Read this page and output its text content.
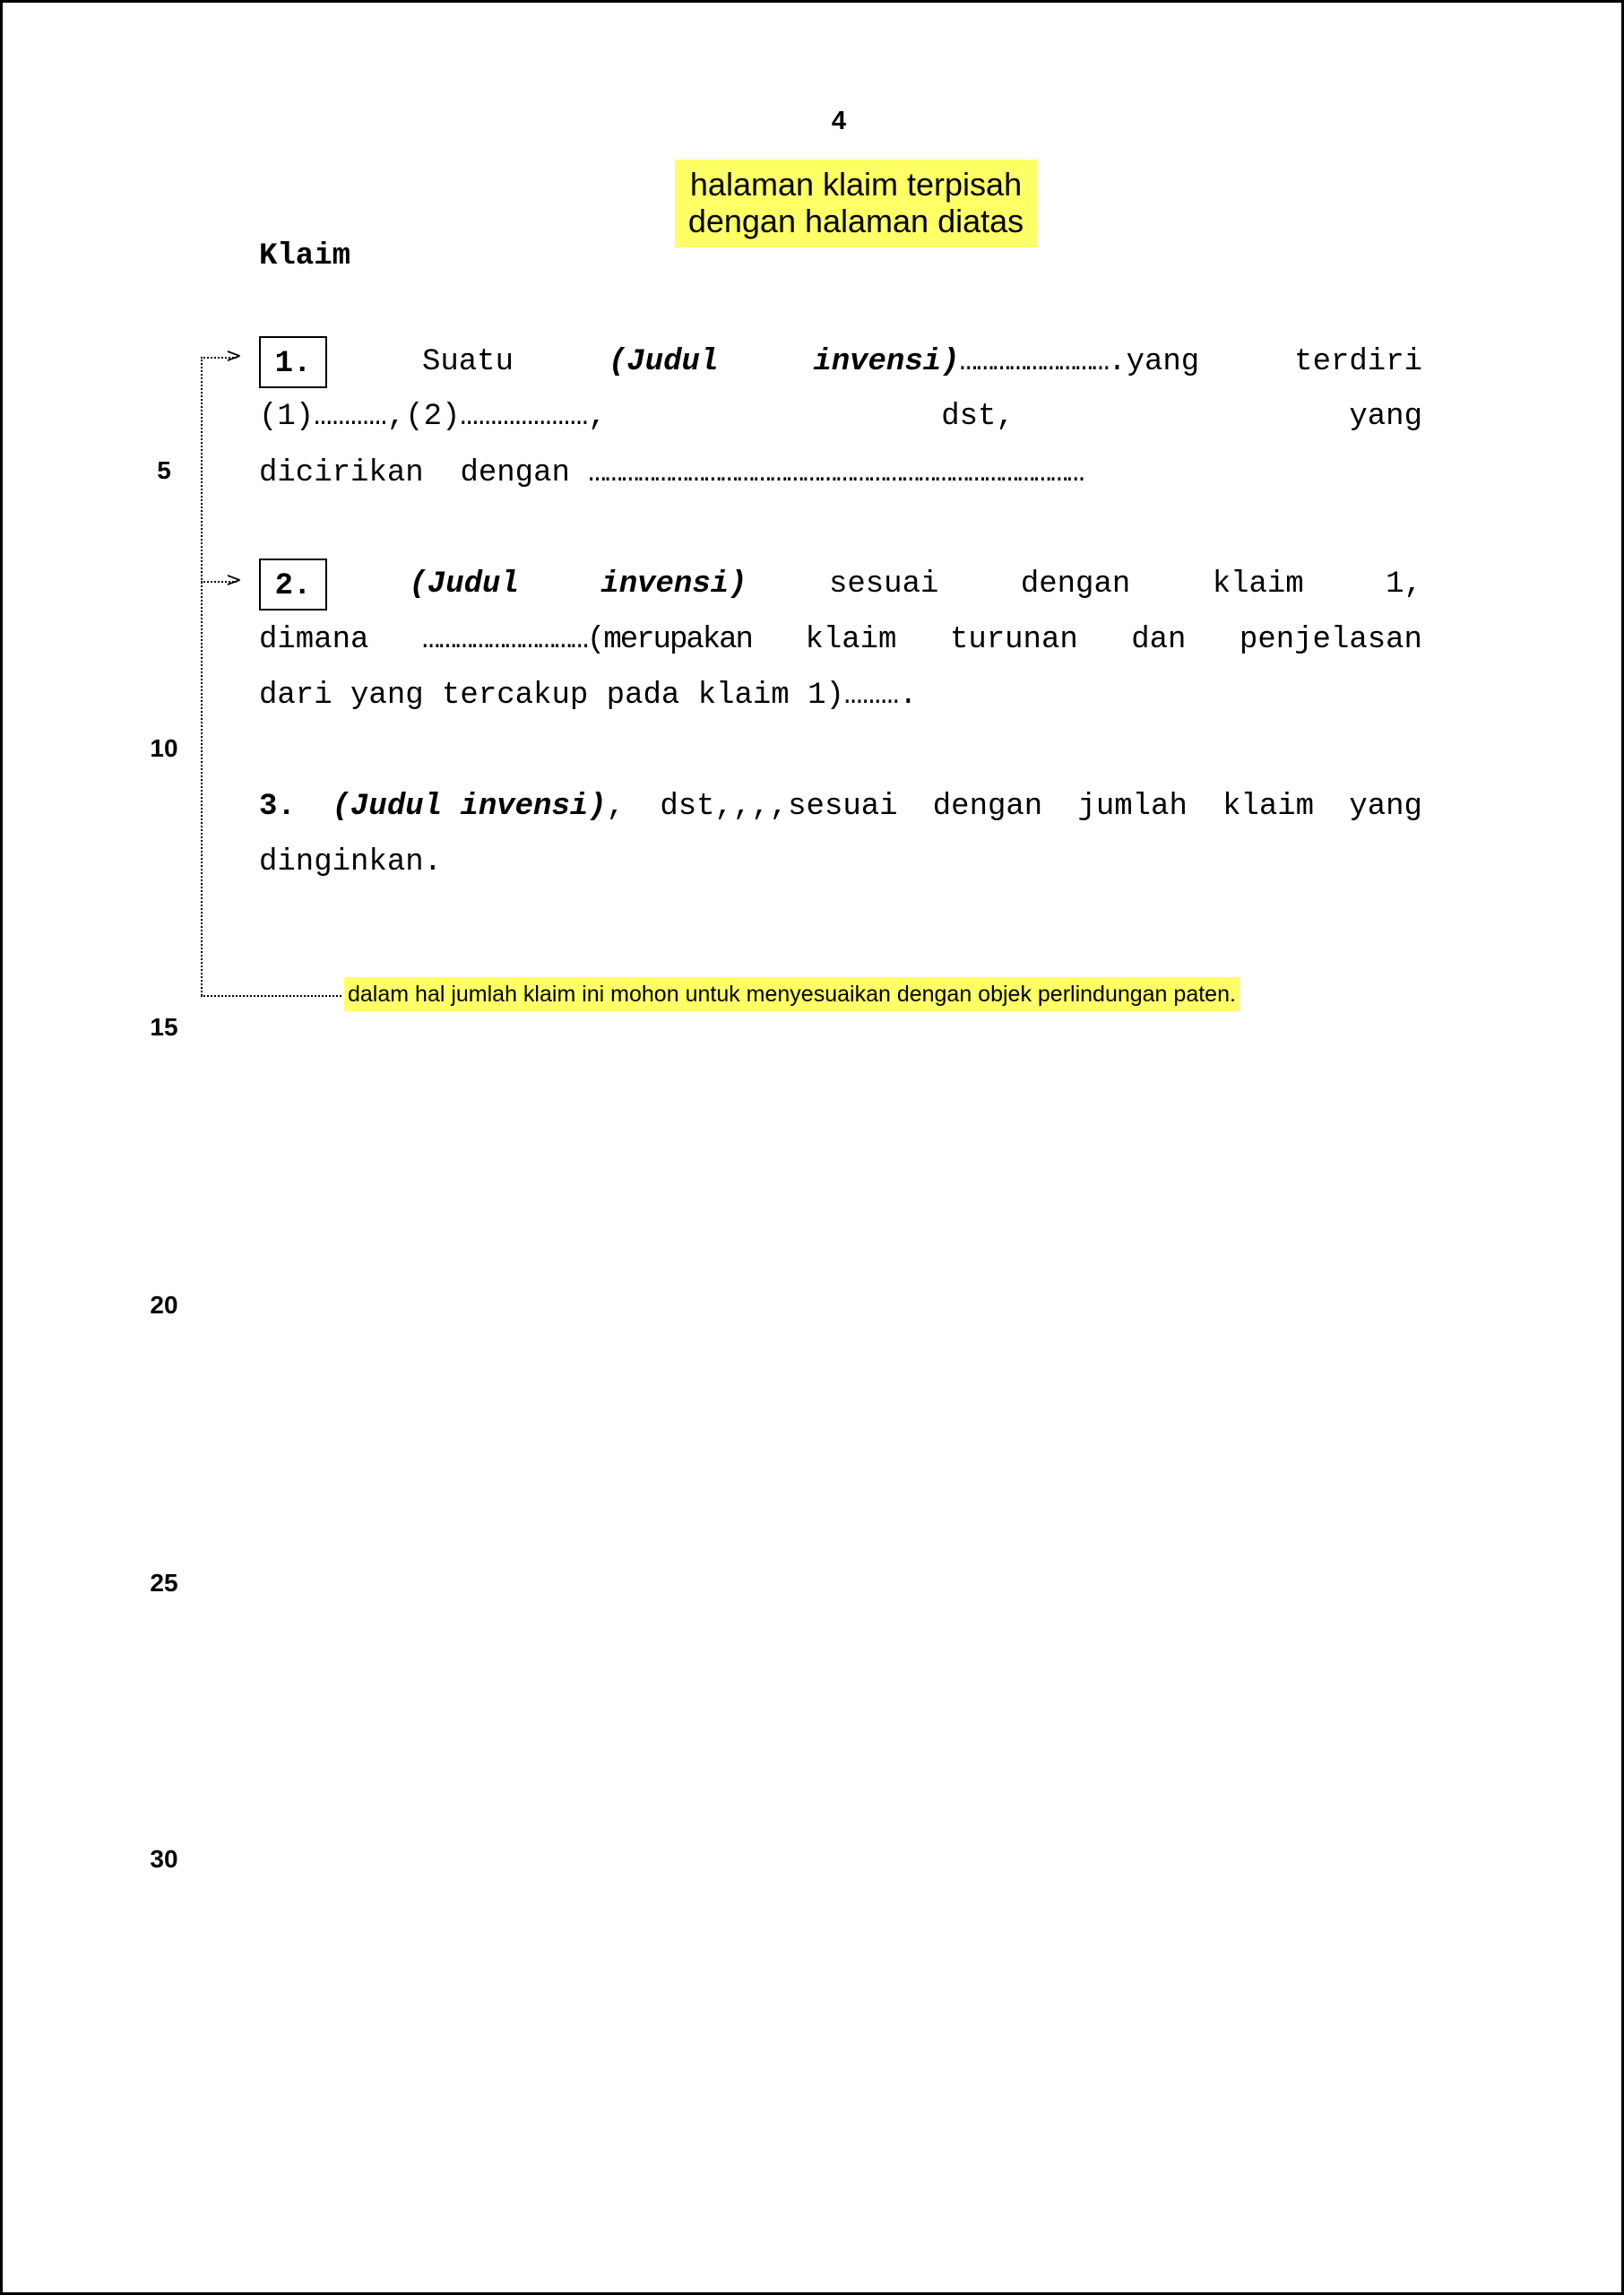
4
halaman klaim terpisah
dengan halaman diatas
Klaim
5
10
15
20
25
30
>
>
1.	Suatu	(Judul	invensi)……………………….yang	terdiri
(1)…………,(2)…………………,	dst,	yang
dicirikan dengan ………………………………………………………………………………
2.	(Judul	invensi)	sesuai	dengan	klaim	1,
dimana …………………………(merupakan klaim turunan dan penjelasan
dari yang tercakup pada klaim 1)……….
3. (Judul invensi), dst,,,,sesuai dengan jumlah klaim yang
dinginkan.
dalam hal jumlah klaim ini mohon untuk menyesuaikan dengan objek perlindungan paten.
